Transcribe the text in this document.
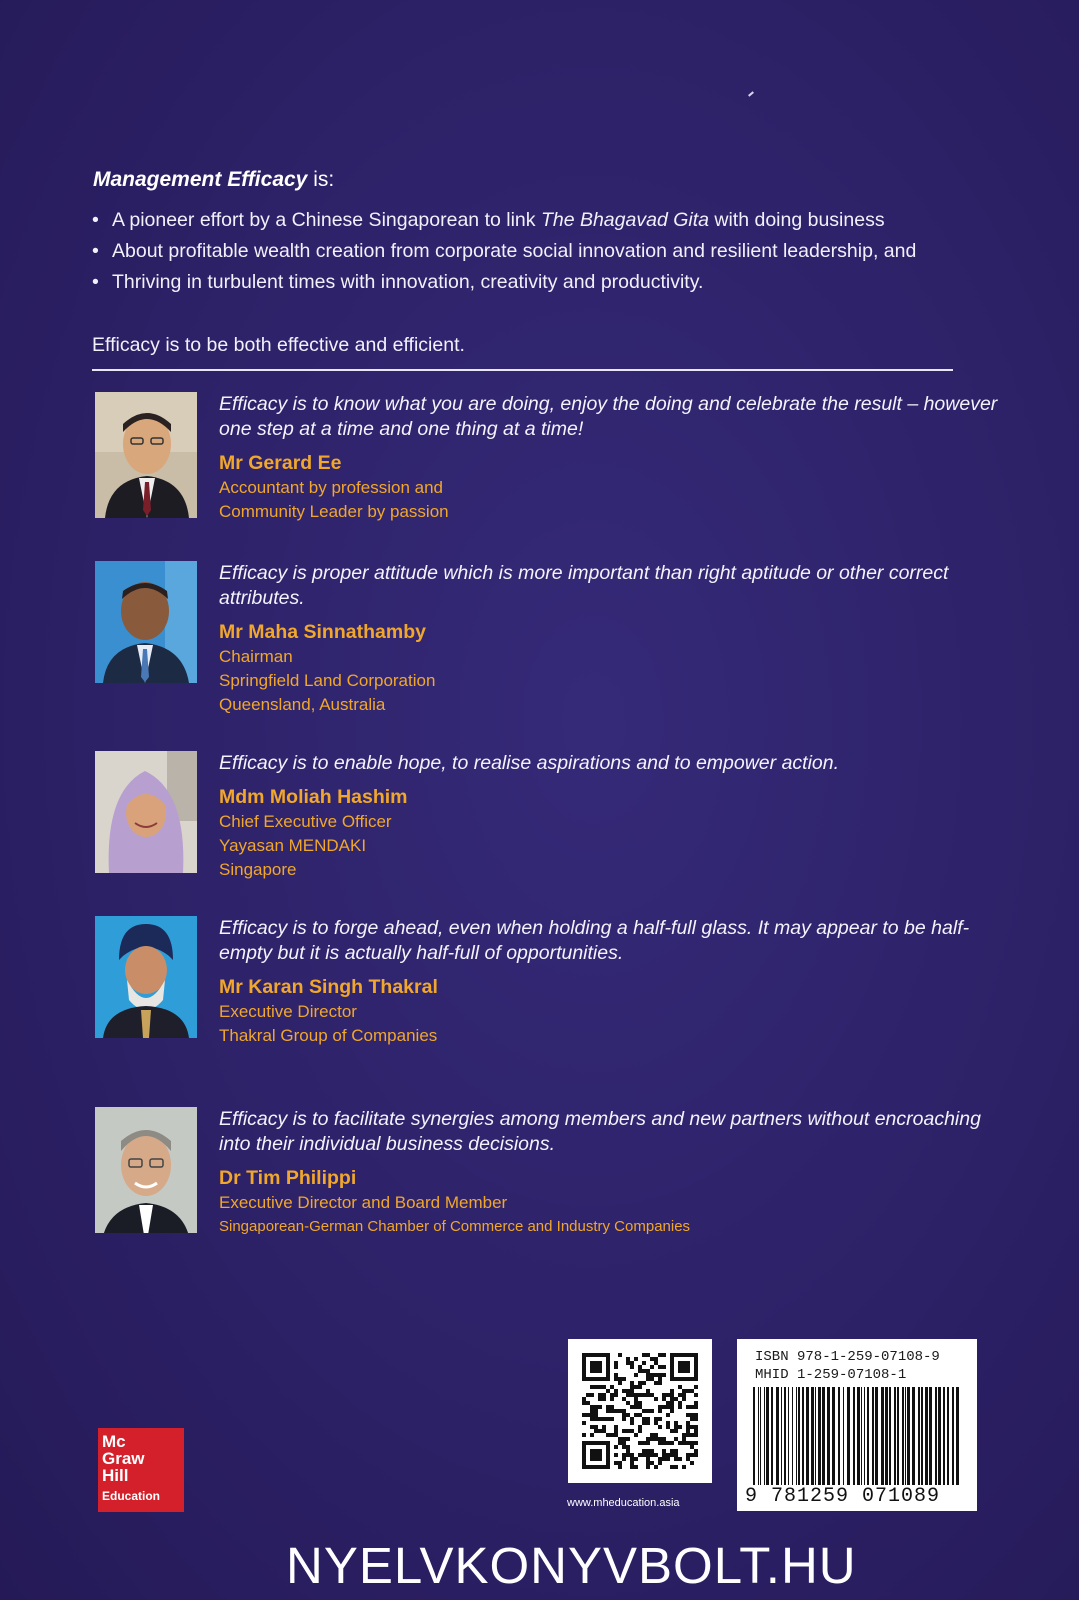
Management Efficacy is:
• A pioneer effort by a Chinese Singaporean to link The Bhagavad Gita with doing business
• About profitable wealth creation from corporate social innovation and resilient leadership, and
• Thriving in turbulent times with innovation, creativity and productivity.
Efficacy is to be both effective and efficient.
Efficacy is to know what you are doing, enjoy the doing and celebrate the result – however one step at a time and one thing at a time!
Mr Gerard Ee
Accountant by profession and
Community Leader by passion
Efficacy is proper attitude which is more important than right aptitude or other correct attributes.
Mr Maha Sinnathamby
Chairman
Springfield Land Corporation
Queensland, Australia
Efficacy is to enable hope, to realise aspirations and to empower action.
Mdm Moliah Hashim
Chief Executive Officer
Yayasan MENDAKI
Singapore
Efficacy is to forge ahead, even when holding a half-full glass. It may appear to be half-empty but it is actually half-full of opportunities.
Mr Karan Singh Thakral
Executive Director
Thakral Group of Companies
Efficacy is to facilitate synergies among members and new partners without encroaching into their individual business decisions.
Dr Tim Philippi
Executive Director and Board Member
Singaporean-German Chamber of Commerce and Industry Companies
Mc
Graw
Hill
Education	www.mheducation.asia
ISBN 978-1-259-07108-9
MHID 1-259-07108-1
9 781259 071089
NYELVKONYVBOLT.HU
